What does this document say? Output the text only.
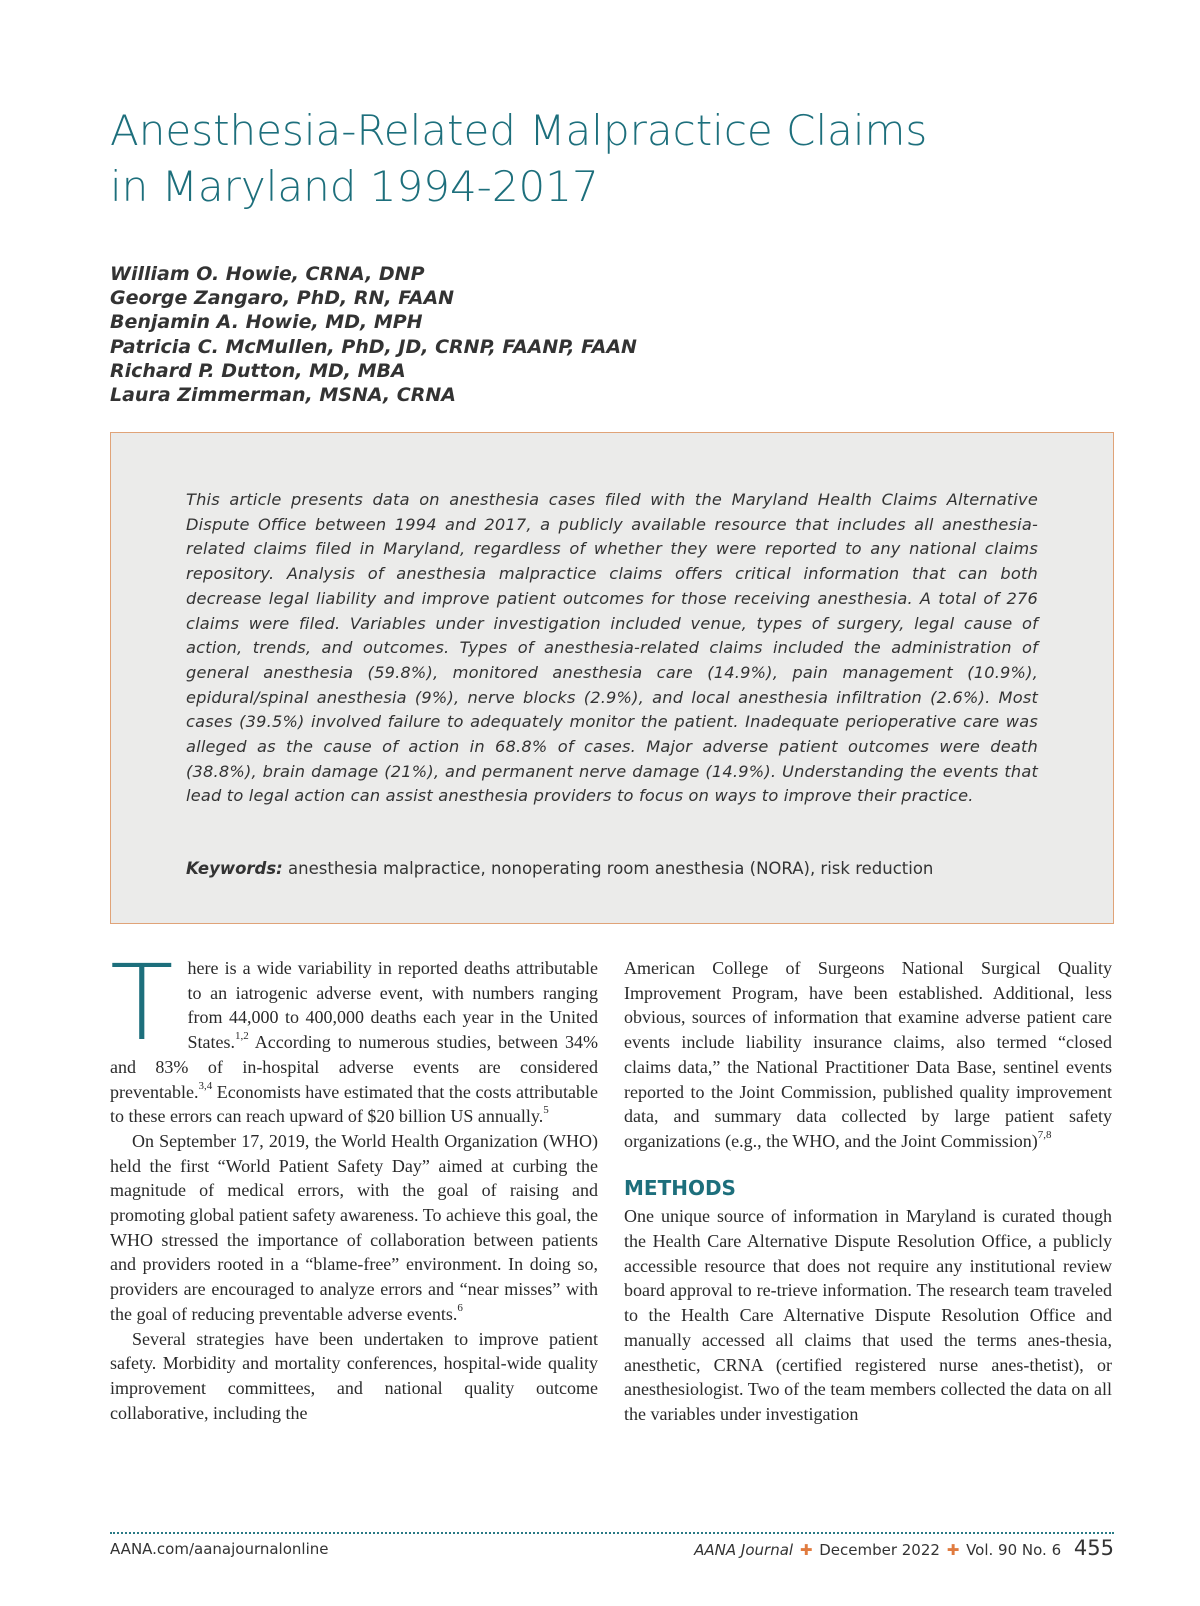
Anesthesia-Related Malpractice Claims
in Maryland 1994-2017
William O. Howie, CRNA, DNP
George Zangaro, PhD, RN, FAAN
Benjamin A. Howie, MD, MPH
Patricia C. McMullen, PhD, JD, CRNP, FAANP, FAAN
Richard P. Dutton, MD, MBA
Laura Zimmerman, MSNA, CRNA

This article presents data on anesthesia cases filed with the Maryland Health Claims Alternative Dispute Office between 1994 and 2017, a publicly available resource that includes all anesthesia-related claims filed in Maryland, regardless of whether they were reported to any national claims repository. Analysis of anesthesia malpractice claims offers critical information that can both decrease legal liability and improve patient outcomes for those receiving anesthesia. A total of 276 claims were filed. Variables under investigation included venue, types of surgery, legal cause of action, trends, and outcomes. Types of anesthesia-related claims included the administration of general anesthesia (59.8%), monitored anesthesia care (14.9%), pain management (10.9%), epidural/spinal anesthesia (9%), nerve blocks (2.9%), and local anesthesia infiltration (2.6%). Most cases (39.5%) involved failure to adequately monitor the patient. Inadequate perioperative care was alleged as the cause of action in 68.8% of cases. Major adverse patient outcomes were death (38.8%), brain damage (21%), and permanent nerve damage (14.9%). Understanding the events that lead to legal action can assist anesthesia providers to focus on ways to improve their practice.

Keywords: anesthesia malpractice, nonoperating room anesthesia (NORA), risk reduction

There is a wide variability in reported deaths attributable to an iatrogenic adverse event, with numbers ranging from 44,000 to 400,000 deaths each year in the United States.$^{1,2}$ According to numerous studies, between 34% and 83% of in-hospital adverse events are considered preventable.$^{3,4}$ Economists have estimated that the costs attributable to these errors can reach upward of $20 billion US annually.$^5$

On September 17, 2019, the World Health Organization (WHO) held the first “World Patient Safety Day” aimed at curbing the magnitude of medical errors, with the goal of raising and promoting global patient safety awareness. To achieve this goal, the WHO stressed the importance of collaboration between patients and providers rooted in a “blame-free” environment. In doing so, providers are encouraged to analyze errors and “near misses” with the goal of reducing preventable adverse events.$^6$

Several strategies have been undertaken to improve patient safety. Morbidity and mortality conferences, hospital-wide quality improvement committees, and national quality outcome collaborative, including the

American College of Surgeons National Surgical Quality Improvement Program, have been established. Additional, less obvious, sources of information that examine adverse patient care events include liability insurance claims, also termed “closed claims data,” the National Practitioner Data Base, sentinel events reported to the Joint Commission, published quality improvement data, and summary data collected by large patient safety organizations (e.g., the WHO, and the Joint Commission)$^{7,8}$

METHODS

One unique source of information in Maryland is curated though the Health Care Alternative Dispute Resolution Office, a publicly accessible resource that does not require any institutional review board approval to re-trieve information. The research team traveled to the Health Care Alternative Dispute Resolution Office and manually accessed all claims that used the terms anes-thesia, anesthetic, CRNA (certified registered nurse anes-thetist), or anesthesiologist. Two of the team members collected the data on all the variables under investigation

AANA.com/aanajournalonline	AANA Journal ✚ December 2022 ✚ Vol. 90 No. 6 455
